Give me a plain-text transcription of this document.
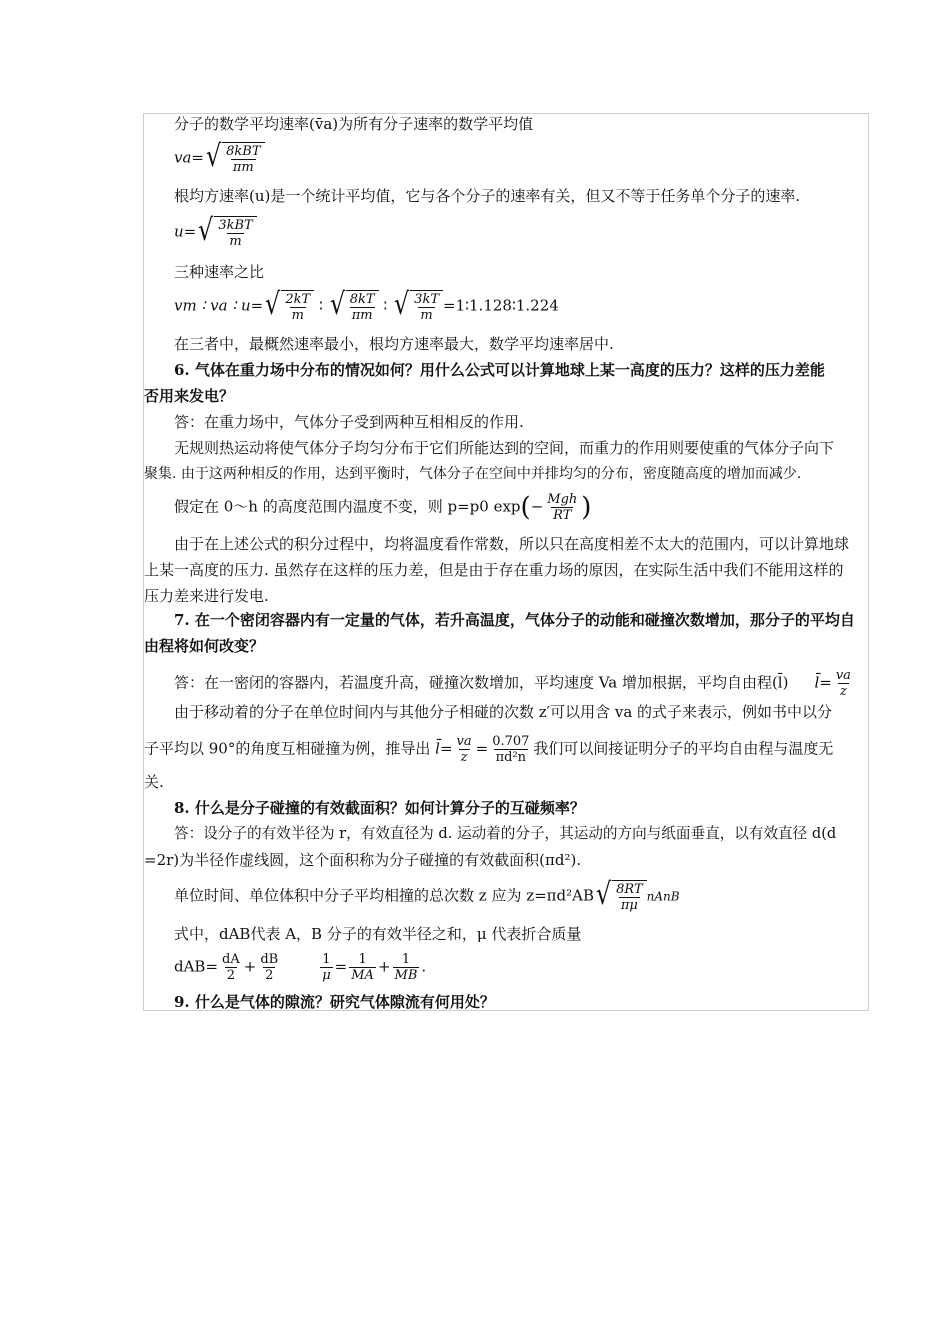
分子的数学平均速率(v̄a)为所有分子速率的数学平均值
va= √ 8kBT
πm
根均方速率(u)是一个统计平均值，它与各个分子的速率有关，但又不等于任务单个分子的速率.
u= √ 3kBT
m
三种速率之比
vm ∶ va ∶ u= √ 2kT
m
∶ √ 8kT
πm
∶ √ 3kT
m
=1∶1.128∶1.224
在三者中，最概然速率最小，根均方速率最大，数学平均速率居中.
6. 气体在重力场中分布的情况如何？用什么公式可以计算地球上某一高度的压力？这样的压力差能
否用来发电？
答：在重力场中，气体分子受到两种互相相反的作用.
无规则热运动将使气体分子均匀分布于它们所能达到的空间，而重力的作用则要使重的气体分子向下
聚集. 由于这两种相反的作用，达到平衡时，气体分子在空间中并排均匀的分布，密度随高度的增加而减少.
假定在 0～h 的高度范围内温度不变，则 p=p0 exp(− Mgh
RT )
由于在上述公式的积分过程中，均将温度看作常数，所以只在高度相差不太大的范围内，可以计算地球
上某一高度的压力. 虽然存在这样的压力差，但是由于存在重力场的原因，在实际生活中我们不能用这样的
压力差来进行发电.
7. 在一个密闭容器内有一定量的气体，若升高温度，气体分子的动能和碰撞次数增加，那分子的平均自
由程将如何改变？
答：在一密闭的容器内，若温度升高，碰撞次数增加，平均速度 Va 增加根据，平均自由程(l̄) l̄= $\frac{va}{z}$
由于移动着的分子在单位时间内与其他分子相碰的次数 z′可以用含 va 的式子来表示，例如书中以分
子平均以 90°的角度互相碰撞为例，推导出 l̄= $\frac{va}{z} = \frac{0.707}{\text{πd²n}}$ 我们可以间接证明分子的平均自由程与温度无
关.
8. 什么是分子碰撞的有效截面积？如何计算分子的互碰频率？
答：设分子的有效半径为 r，有效直径为 d. 运动着的分子，其运动的方向与纸面垂直，以有效直径 d(d
=2r)为半径作虚线圆，这个面积称为分子碰撞的有效截面积(πd²).
单位时间、单位体积中分子平均相撞的总次数 z 应为 z=πd²AB √ 8RT
πμ
nAnB
式中，dAB代表 A，B 分子的有效半径之和，μ 代表折合质量
$dAB= \frac{dA}{2} + \frac{dB}{2}$	$\frac{1}{\mu} = \frac{1}{MA} + \frac{1}{MB}$ .
9. 什么是气体的隙流？研究气体隙流有何用处？
